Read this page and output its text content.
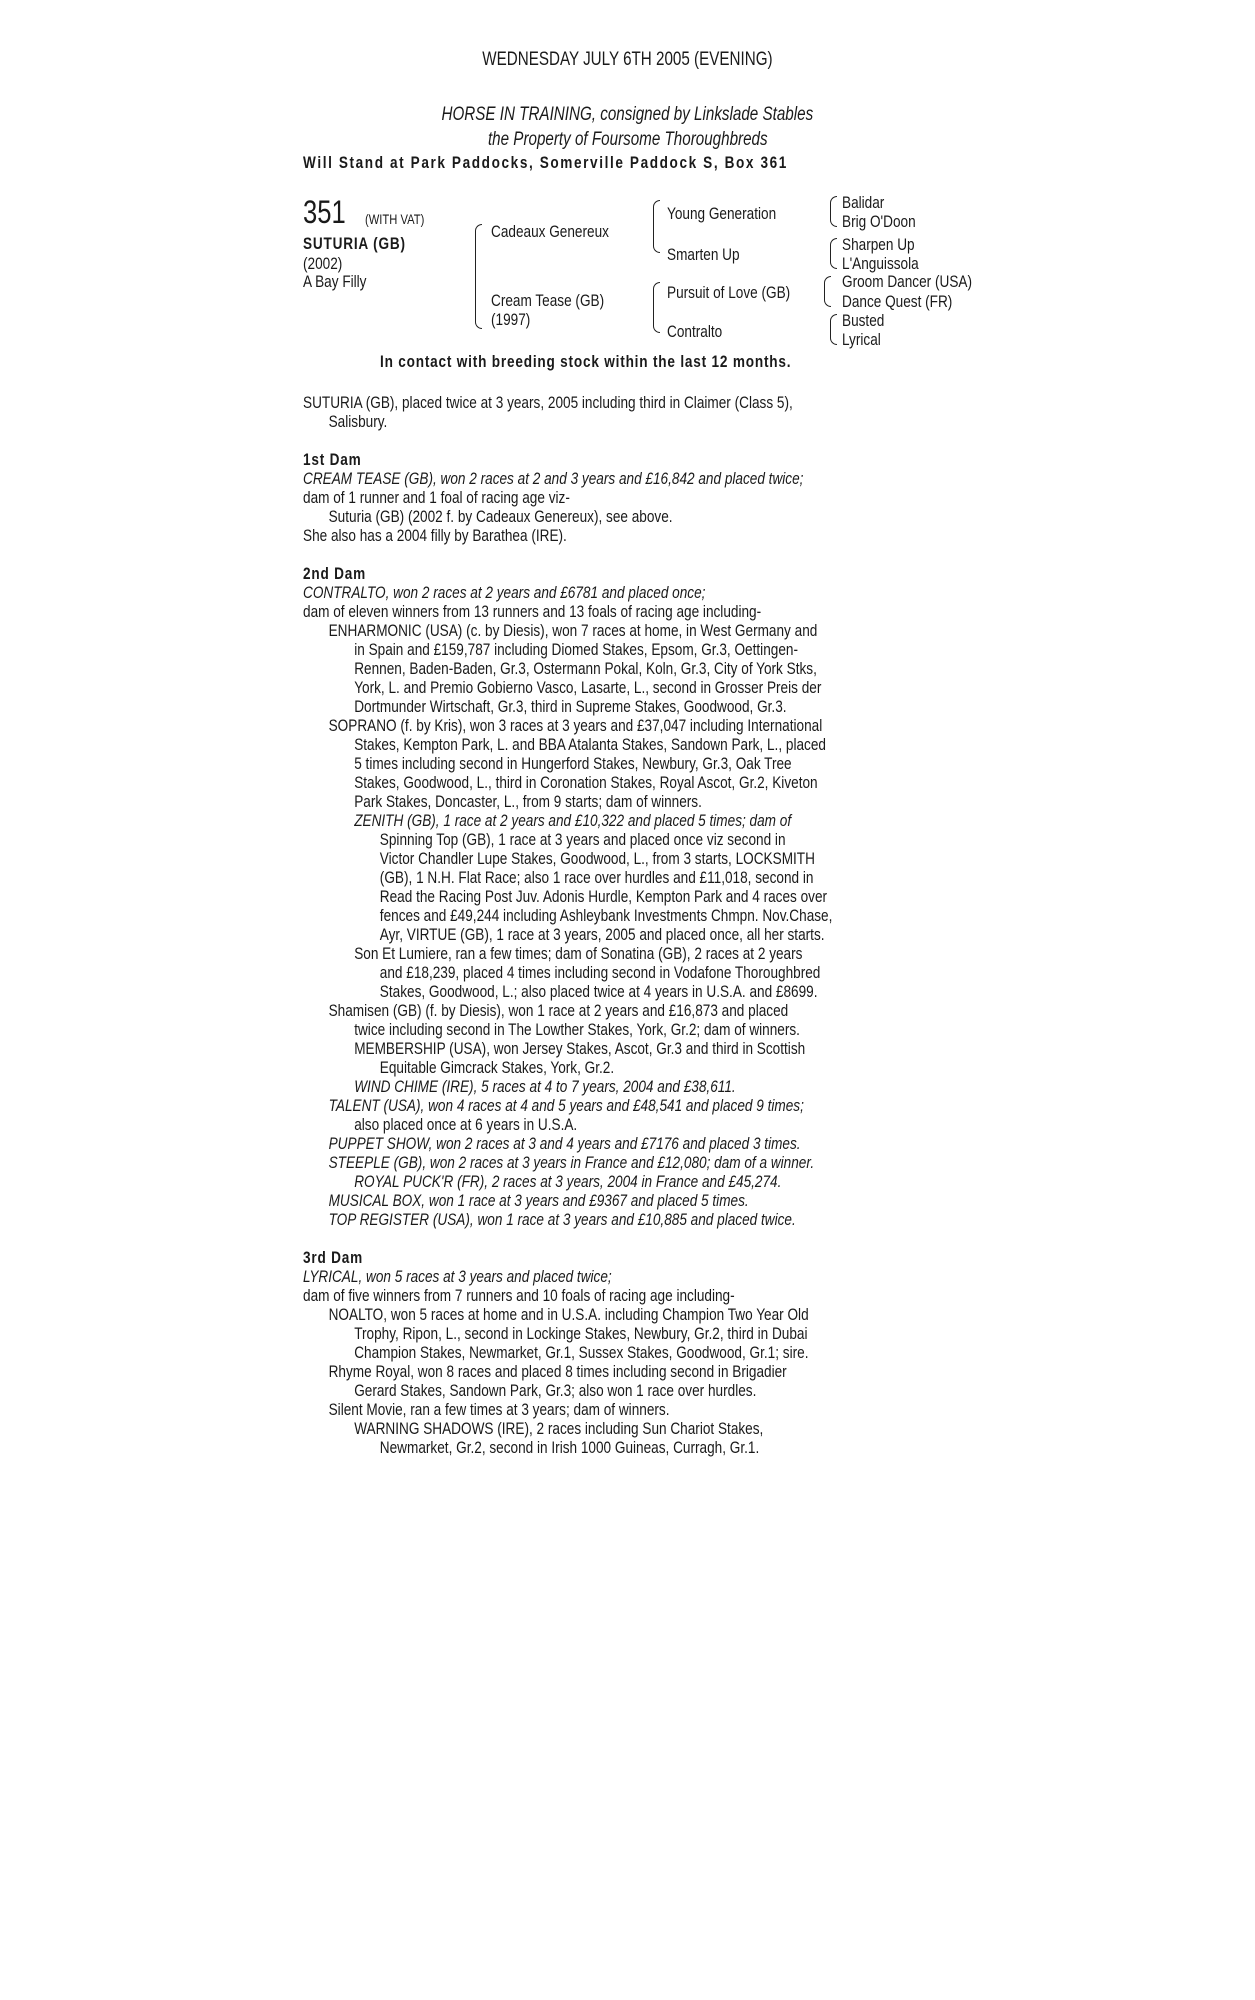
WEDNESDAY JULY 6TH 2005 (EVENING)
HORSE IN TRAINING, consigned by Linkslade Stables
the Property of Foursome Thoroughbreds
Will Stand at Park Paddocks, Somerville Paddock S, Box 361
351	(WITH VAT)
SUTURIA (GB)
(2002)
A Bay Filly
Cadeaux Genereux
Cream Tease (GB)
(1997)
Young Generation
Smarten Up
Pursuit of Love (GB)
Contralto
Balidar
Brig O'Doon
Sharpen Up
L'Anguissola
Groom Dancer (USA)
Dance Quest (FR)
Busted
Lyrical
In contact with breeding stock within the last 12 months.
SUTURIA (GB), placed twice at 3 years, 2005 including third in Claimer (Class 5),
Salisbury.
1st Dam
CREAM TEASE (GB), won 2 races at 2 and 3 years and £16,842 and placed twice;
dam of 1 runner and 1 foal of racing age viz-
Suturia (GB) (2002 f. by Cadeaux Genereux), see above.
She also has a 2004 filly by Barathea (IRE).
2nd Dam
CONTRALTO, won 2 races at 2 years and £6781 and placed once;
dam of eleven winners from 13 runners and 13 foals of racing age including-
ENHARMONIC (USA) (c. by Diesis), won 7 races at home, in West Germany and
in Spain and £159,787 including Diomed Stakes, Epsom, Gr.3, Oettingen-
Rennen, Baden-Baden, Gr.3, Ostermann Pokal, Koln, Gr.3, City of York Stks,
York, L. and Premio Gobierno Vasco, Lasarte, L., second in Grosser Preis der
Dortmunder Wirtschaft, Gr.3, third in Supreme Stakes, Goodwood, Gr.3.
SOPRANO (f. by Kris), won 3 races at 3 years and £37,047 including International
Stakes, Kempton Park, L. and BBA Atalanta Stakes, Sandown Park, L., placed
5 times including second in Hungerford Stakes, Newbury, Gr.3, Oak Tree
Stakes, Goodwood, L., third in Coronation Stakes, Royal Ascot, Gr.2, Kiveton
Park Stakes, Doncaster, L., from 9 starts; dam of winners.
ZENITH (GB), 1 race at 2 years and £10,322 and placed 5 times; dam of
Spinning Top (GB), 1 race at 3 years and placed once viz second in
Victor Chandler Lupe Stakes, Goodwood, L., from 3 starts, LOCKSMITH
(GB), 1 N.H. Flat Race; also 1 race over hurdles and £11,018, second in
Read the Racing Post Juv. Adonis Hurdle, Kempton Park and 4 races over
fences and £49,244 including Ashleybank Investments Chmpn. Nov.Chase,
Ayr, VIRTUE (GB), 1 race at 3 years, 2005 and placed once, all her starts.
Son Et Lumiere, ran a few times; dam of Sonatina (GB), 2 races at 2 years
and £18,239, placed 4 times including second in Vodafone Thoroughbred
Stakes, Goodwood, L.; also placed twice at 4 years in U.S.A. and £8699.
Shamisen (GB) (f. by Diesis), won 1 race at 2 years and £16,873 and placed
twice including second in The Lowther Stakes, York, Gr.2; dam of winners.
MEMBERSHIP (USA), won Jersey Stakes, Ascot, Gr.3 and third in Scottish
Equitable Gimcrack Stakes, York, Gr.2.
WIND CHIME (IRE), 5 races at 4 to 7 years, 2004 and £38,611.
TALENT (USA), won 4 races at 4 and 5 years and £48,541 and placed 9 times;
also placed once at 6 years in U.S.A.
PUPPET SHOW, won 2 races at 3 and 4 years and £7176 and placed 3 times.
STEEPLE (GB), won 2 races at 3 years in France and £12,080; dam of a winner.
ROYAL PUCK'R (FR), 2 races at 3 years, 2004 in France and £45,274.
MUSICAL BOX, won 1 race at 3 years and £9367 and placed 5 times.
TOP REGISTER (USA), won 1 race at 3 years and £10,885 and placed twice.
3rd Dam
LYRICAL, won 5 races at 3 years and placed twice;
dam of five winners from 7 runners and 10 foals of racing age including-
NOALTO, won 5 races at home and in U.S.A. including Champion Two Year Old
Trophy, Ripon, L., second in Lockinge Stakes, Newbury, Gr.2, third in Dubai
Champion Stakes, Newmarket, Gr.1, Sussex Stakes, Goodwood, Gr.1; sire.
Rhyme Royal, won 8 races and placed 8 times including second in Brigadier
Gerard Stakes, Sandown Park, Gr.3; also won 1 race over hurdles.
Silent Movie, ran a few times at 3 years; dam of winners.
WARNING SHADOWS (IRE), 2 races including Sun Chariot Stakes,
Newmarket, Gr.2, second in Irish 1000 Guineas, Curragh, Gr.1.
